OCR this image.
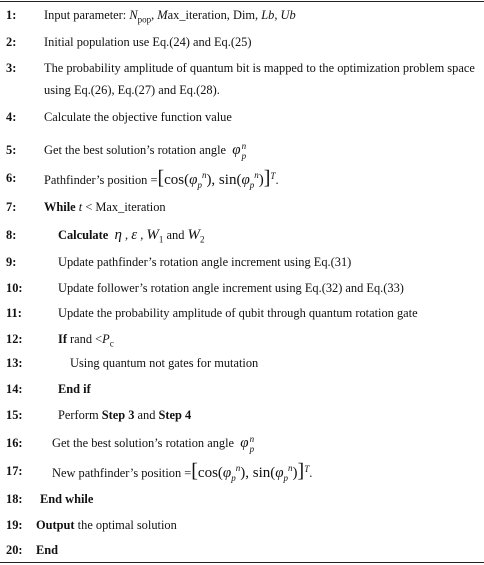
1:	Input parameter: $N_{pop}$, Max_iteration, Dim, Lb, Ub
2:	Initial population use Eq.(24) and Eq.(25)
3:	The probability amplitude of quantum bit is mapped to the optimization problem space
using Eq.(26), Eq.(27) and Eq.(28).
4:	Calculate the objective function value
5:	Get the best solution’s rotation angle φ n
p
6:	Pathfinder’s position $=[\cos(\varphi_p^n)$, $\sin(\varphi_p^n)]^T$.
7:	While t < Max_iteration
8:	Calculate η , ε , $W_1$ and $W_2$
9:	Update pathfinder’s rotation angle increment using Eq.(31)
10:	Update follower’s rotation angle increment using Eq.(32) and Eq.(33)
11:	Update the probability amplitude of qubit through quantum rotation gate
12:	If rand $<P_c$
13:	Using quantum not gates for mutation
14:	End if
15:	Perform Step 3 and Step 4
16:	Get the best solution’s rotation angle φ n
p
17:	New pathfinder’s position $=[\cos(\varphi_p^n)$, $\sin(\varphi_p^n)]^T$.
18:	End while
19:	Output the optimal solution
20:	End
